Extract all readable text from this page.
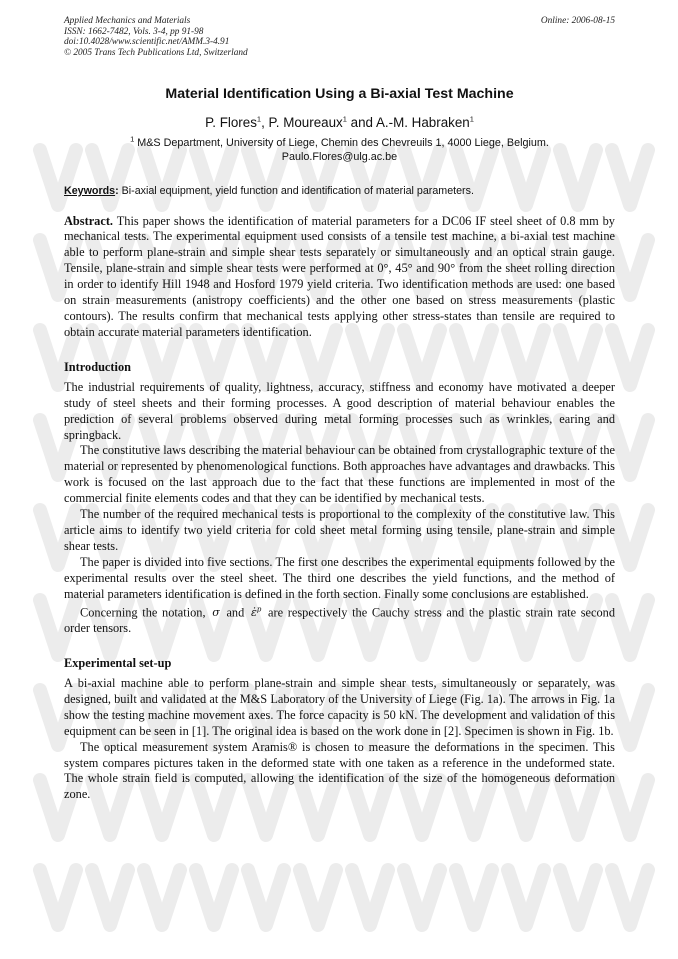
Applied Mechanics and Materials
ISSN: 1662-7482, Vols. 3-4, pp 91-98
doi:10.4028/www.scientific.net/AMM.3-4.91
© 2005 Trans Tech Publications Ltd, Switzerland
Online: 2006-08-15
Material Identification Using a Bi-axial Test Machine
P. Flores$^1$, P. Moureaux$^1$ and A.-M. Habraken$^1$
$^1$ M&S Department, University of Liege, Chemin des Chevreuils 1, 4000 Liege, Belgium.
Paulo.Flores@ulg.ac.be
Keywords: Bi-axial equipment, yield function and identification of material parameters.

Abstract. This paper shows the identification of material parameters for a DC06 IF steel sheet of 0.8 mm by mechanical tests. The experimental equipment used consists of a tensile test machine, a bi-axial test machine able to perform plane-strain and simple shear tests separately or simultaneously and an optical strain gauge. Tensile, plane-strain and simple shear tests were performed at 0°, 45° and 90° from the sheet rolling direction in order to identify Hill 1948 and Hosford 1979 yield criteria. Two identification methods are used: one based on strain measurements (anistropy coefficients) and the other one based on stress measurements (plastic contours). The results confirm that mechanical tests applying other stress-states than tensile are required to obtain accurate material parameters identification.

Introduction

The industrial requirements of quality, lightness, accuracy, stiffness and economy have motivated a deeper study of steel sheets and their forming processes. A good description of material behaviour enables the prediction of several problems observed during metal forming processes such as wrinkles, earing and springback.

The constitutive laws describing the material behaviour can be obtained from crystallographic texture of the material or represented by phenomenological functions. Both approaches have advantages and drawbacks. This work is focused on the last approach due to the fact that these functions are implemented in most of the commercial finite elements codes and that they can be identified by mechanical tests.

The number of the required mechanical tests is proportional to the complexity of the constitutive law. This article aims to identify two yield criteria for cold sheet metal forming using tensile, plane-strain and simple shear tests.

The paper is divided into five sections. The first one describes the experimental equipments followed by the experimental results over the steel sheet. The third one describes the yield functions, and the method of material parameters identification is defined in the forth section. Finally some conclusions are established.

Concerning the notation, σ and ε̇$^p$ are respectively the Cauchy stress and the plastic strain rate second order tensors.

Experimental set-up

A bi-axial machine able to perform plane-strain and simple shear tests, simultaneously or separately, was designed, built and validated at the M&S Laboratory of the University of Liege (Fig. 1a). The arrows in Fig. 1a show the testing machine movement axes. The force capacity is 50 kN. The development and validation of this equipment can be seen in [1]. The original idea is based on the work done in [2]. Specimen is shown in Fig. 1b.

The optical measurement system Aramis® is chosen to measure the deformations in the specimen. This system compares pictures taken in the deformed state with one taken as a reference in the undeformed state. The whole strain field is computed, allowing the identification of the size of the homogeneous deformation zone.
